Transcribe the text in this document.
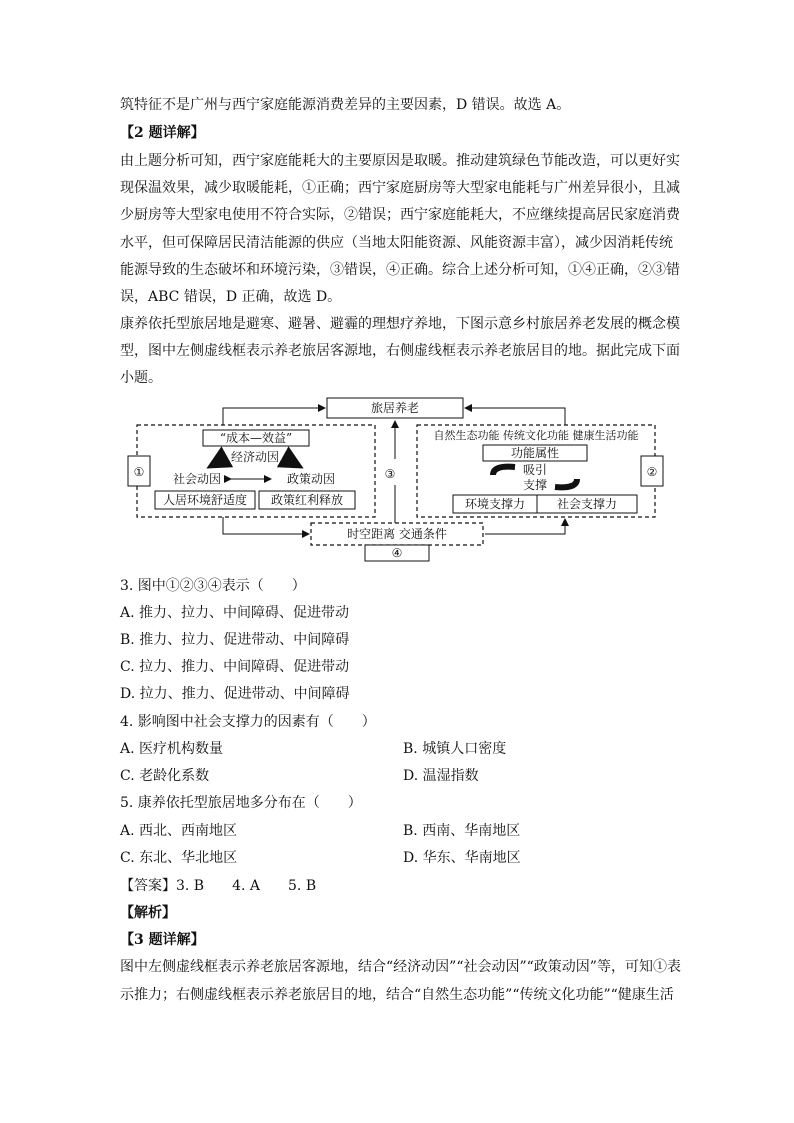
筑特征不是广州与西宁家庭能源消费差异的主要因素，D 错误。故选 A。
【2 题详解】
由上题分析可知，西宁家庭能耗大的主要原因是取暖。推动建筑绿色节能改造，可以更好实
现保温效果，减少取暖能耗，①正确；西宁家庭厨房等大型家电能耗与广州差异很小，且减
少厨房等大型家电使用不符合实际，②错误；西宁家庭能耗大，不应继续提高居民家庭消费
水平，但可保障居民清洁能源的供应（当地太阳能资源、风能资源丰富），减少因消耗传统
能源导致的生态破坏和环境污染，③错误，④正确。综合上述分析可知，①④正确，②③错
误，ABC 错误，D 正确，故选 D。
康养依托型旅居地是避寒、避暑、避霾的理想疗养地，下图示意乡村旅居养老发展的概念模
型，图中左侧虚线框表示养老旅居客源地，右侧虚线框表示养老旅居目的地。据此完成下面
小题。
旅居养老
“成本—效益”
经济动因
社会动因	政策动因
人居环境舒适度 政策红利释放
①
自然生态功能 传统文化功能 健康生活功能
功能属性
吸引
支撑
环境支撑力	社会支撑力
②
③
时空距离 交通条件
④
3. 图中①②③④表示（　　）
A. 推力、拉力、中间障碍、促进带动
B. 推力、拉力、促进带动、中间障碍
C. 拉力、推力、中间障碍、促进带动
D. 拉力、推力、促进带动、中间障碍
4. 影响图中社会支撑力的因素有（　　）
A. 医疗机构数量	B. 城镇人口密度
C. 老龄化系数	D. 温湿指数
5. 康养依托型旅居地多分布在（　　）
A. 西北、西南地区	B. 西南、华南地区
C. 东北、华北地区	D. 华东、华南地区
【答案】3. B　　4. A　　5. B
【解析】
【3 题详解】
图中左侧虚线框表示养老旅居客源地，结合“经济动因”“社会动因”“政策动因”等，可知①表
示推力；右侧虚线框表示养老旅居目的地，结合“自然生态功能”“传统文化功能”“健康生活
